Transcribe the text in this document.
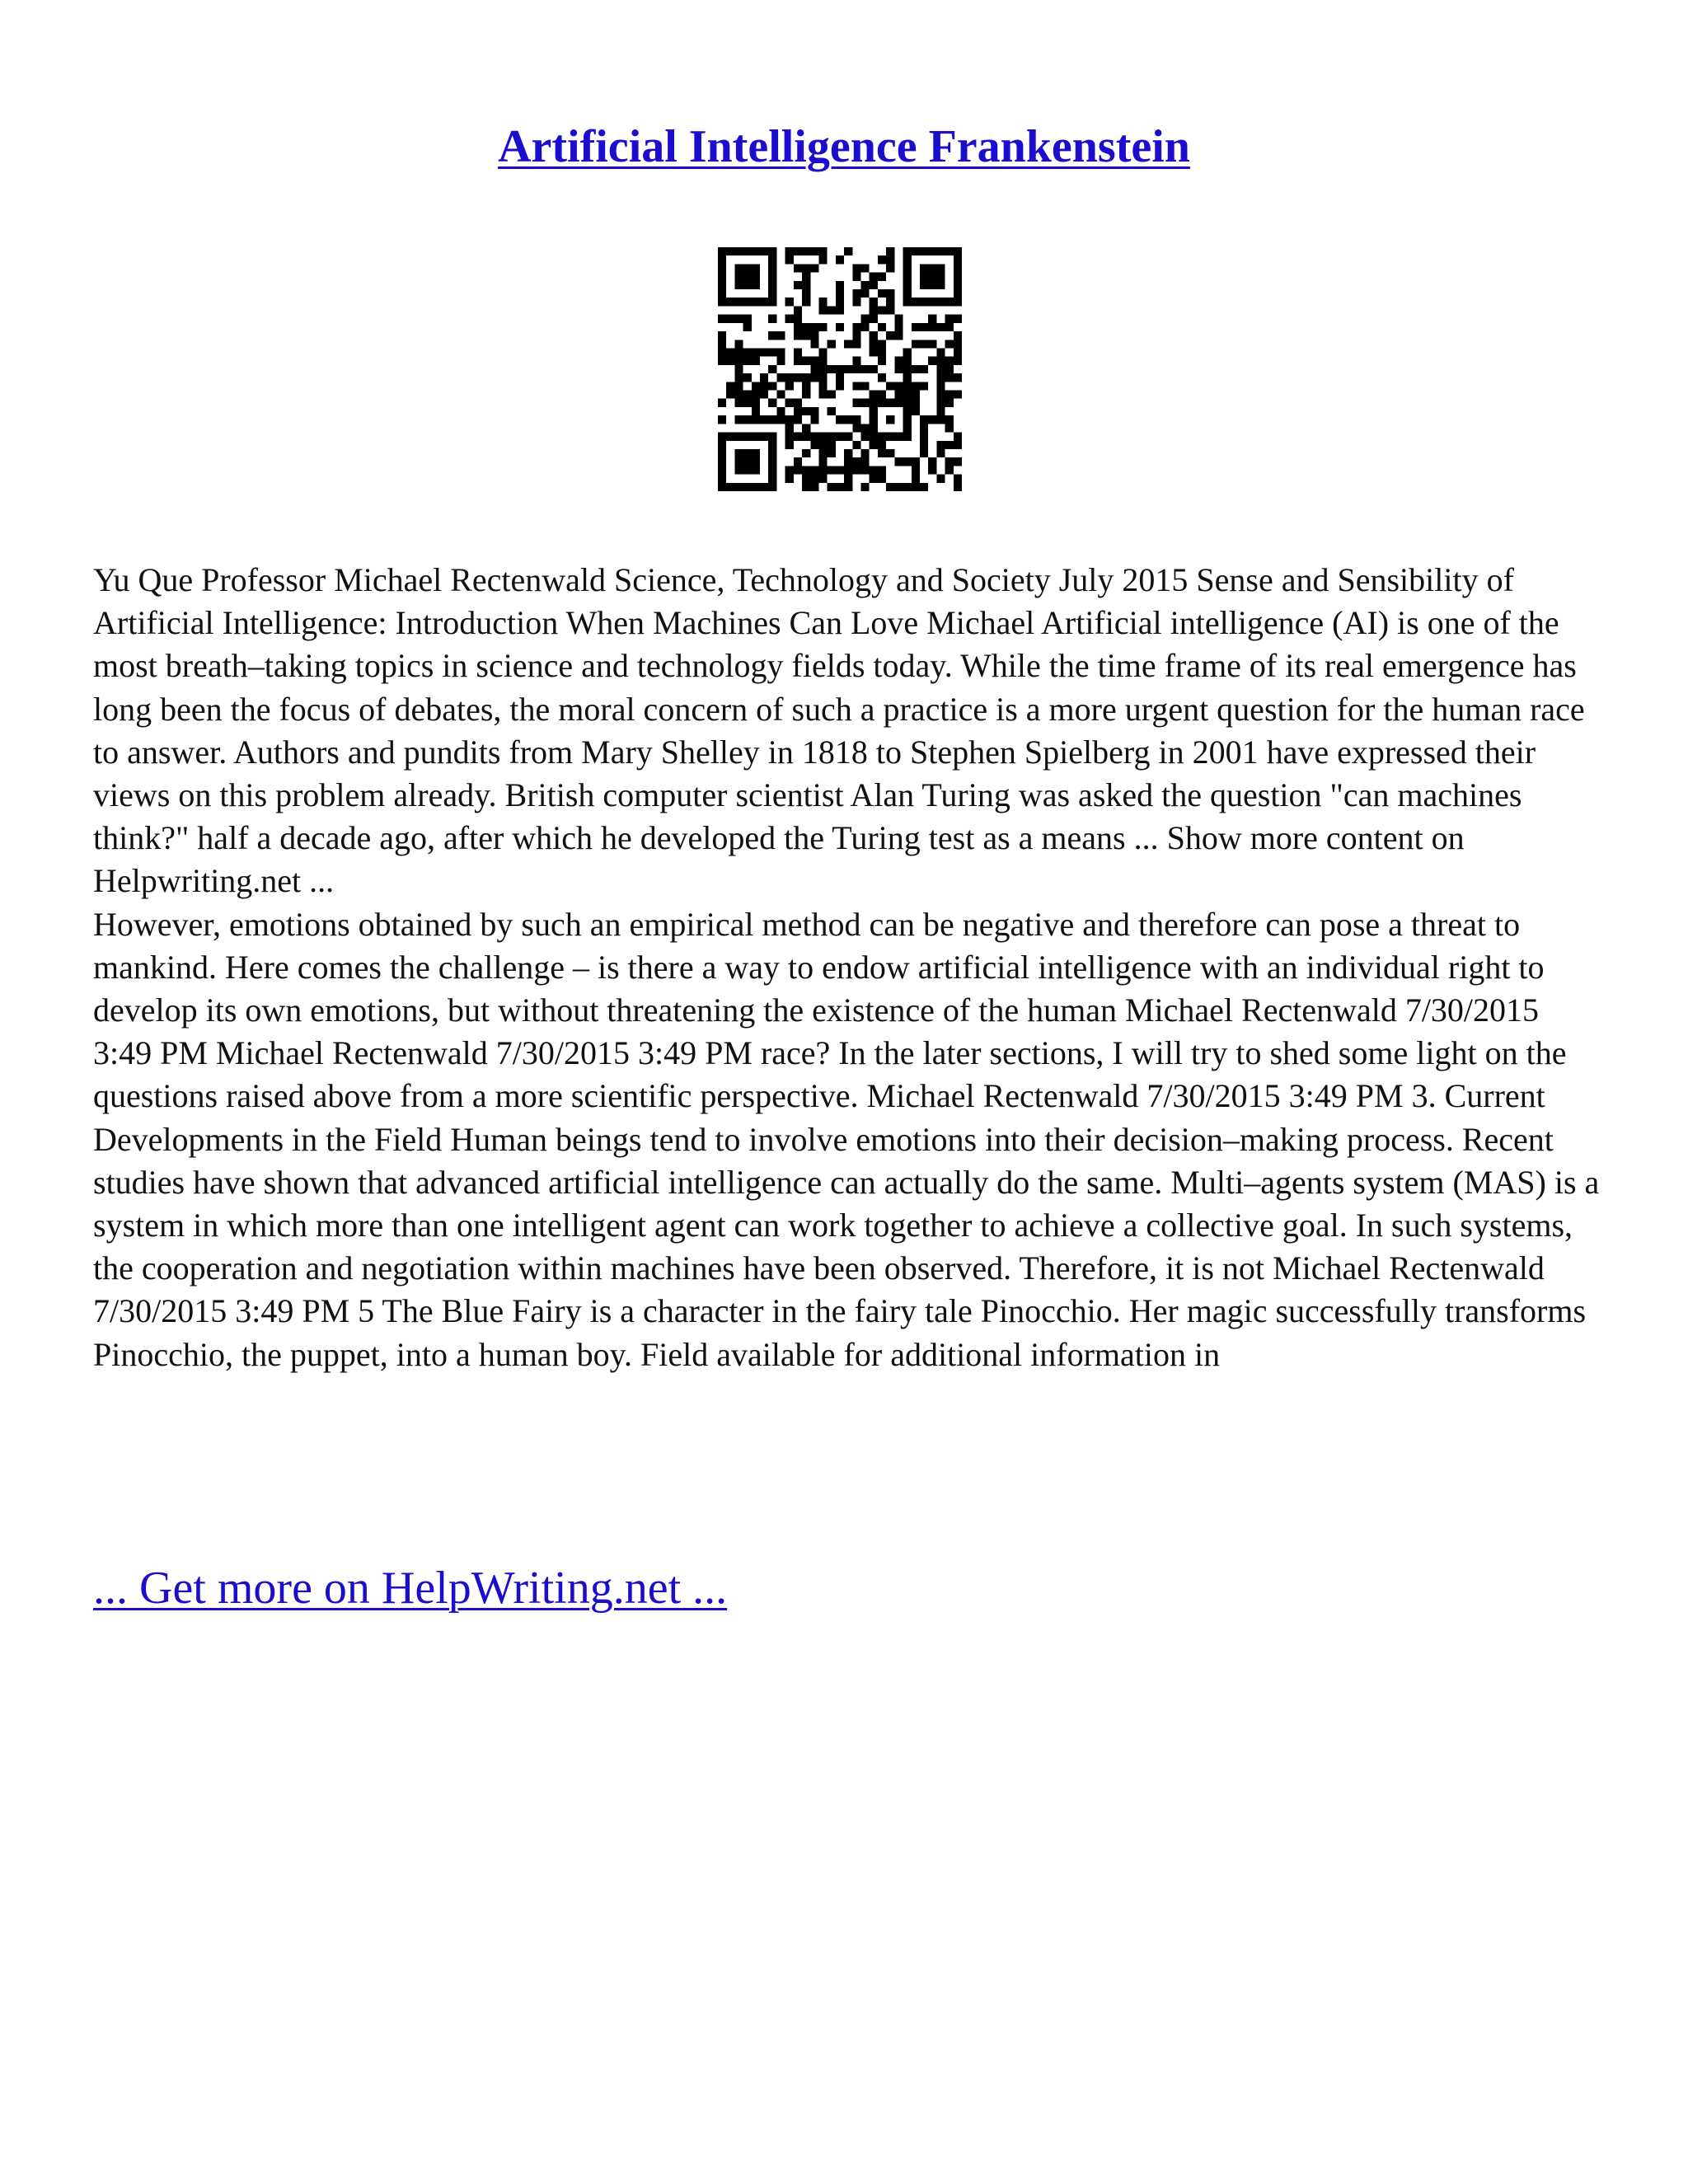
Artificial Intelligence Frankenstein

Yu Que Professor Michael Rectenwald Science, Technology and Society July 2015 Sense and Sensibility of Artificial Intelligence: Introduction When Machines Can Love Michael Artificial intelligence (AI) is one of the most breath–taking topics in science and technology fields today. While the time frame of its real emergence has long been the focus of debates, the moral concern of such a practice is a more urgent question for the human race to answer. Authors and pundits from Mary Shelley in 1818 to Stephen Spielberg in 2001 have expressed their views on this problem already. British computer scientist Alan Turing was asked the question "can machines think?" half a decade ago, after which he developed the Turing test as a means ... Show more content on Helpwriting.net ...

However, emotions obtained by such an empirical method can be negative and therefore can pose a threat to mankind. Here comes the challenge – is there a way to endow artificial intelligence with an individual right to develop its own emotions, but without threatening the existence of the human Michael Rectenwald 7/30/2015 3:49 PM Michael Rectenwald 7/30/2015 3:49 PM race? In the later sections, I will try to shed some light on the questions raised above from a more scientific perspective. Michael Rectenwald 7/30/2015 3:49 PM 3. Current Developments in the Field Human beings tend to involve emotions into their decision–making process. Recent studies have shown that advanced artificial intelligence can actually do the same. Multi–agents system (MAS) is a system in which more than one intelligent agent can work together to achieve a collective goal. In such systems, the cooperation and negotiation within machines have been observed. Therefore, it is not Michael Rectenwald 7/30/2015 3:49 PM 5 The Blue Fairy is a character in the fairy tale Pinocchio. Her magic successfully transforms Pinocchio, the puppet, into a human boy. Field available for additional information in

... Get more on HelpWriting.net ...
